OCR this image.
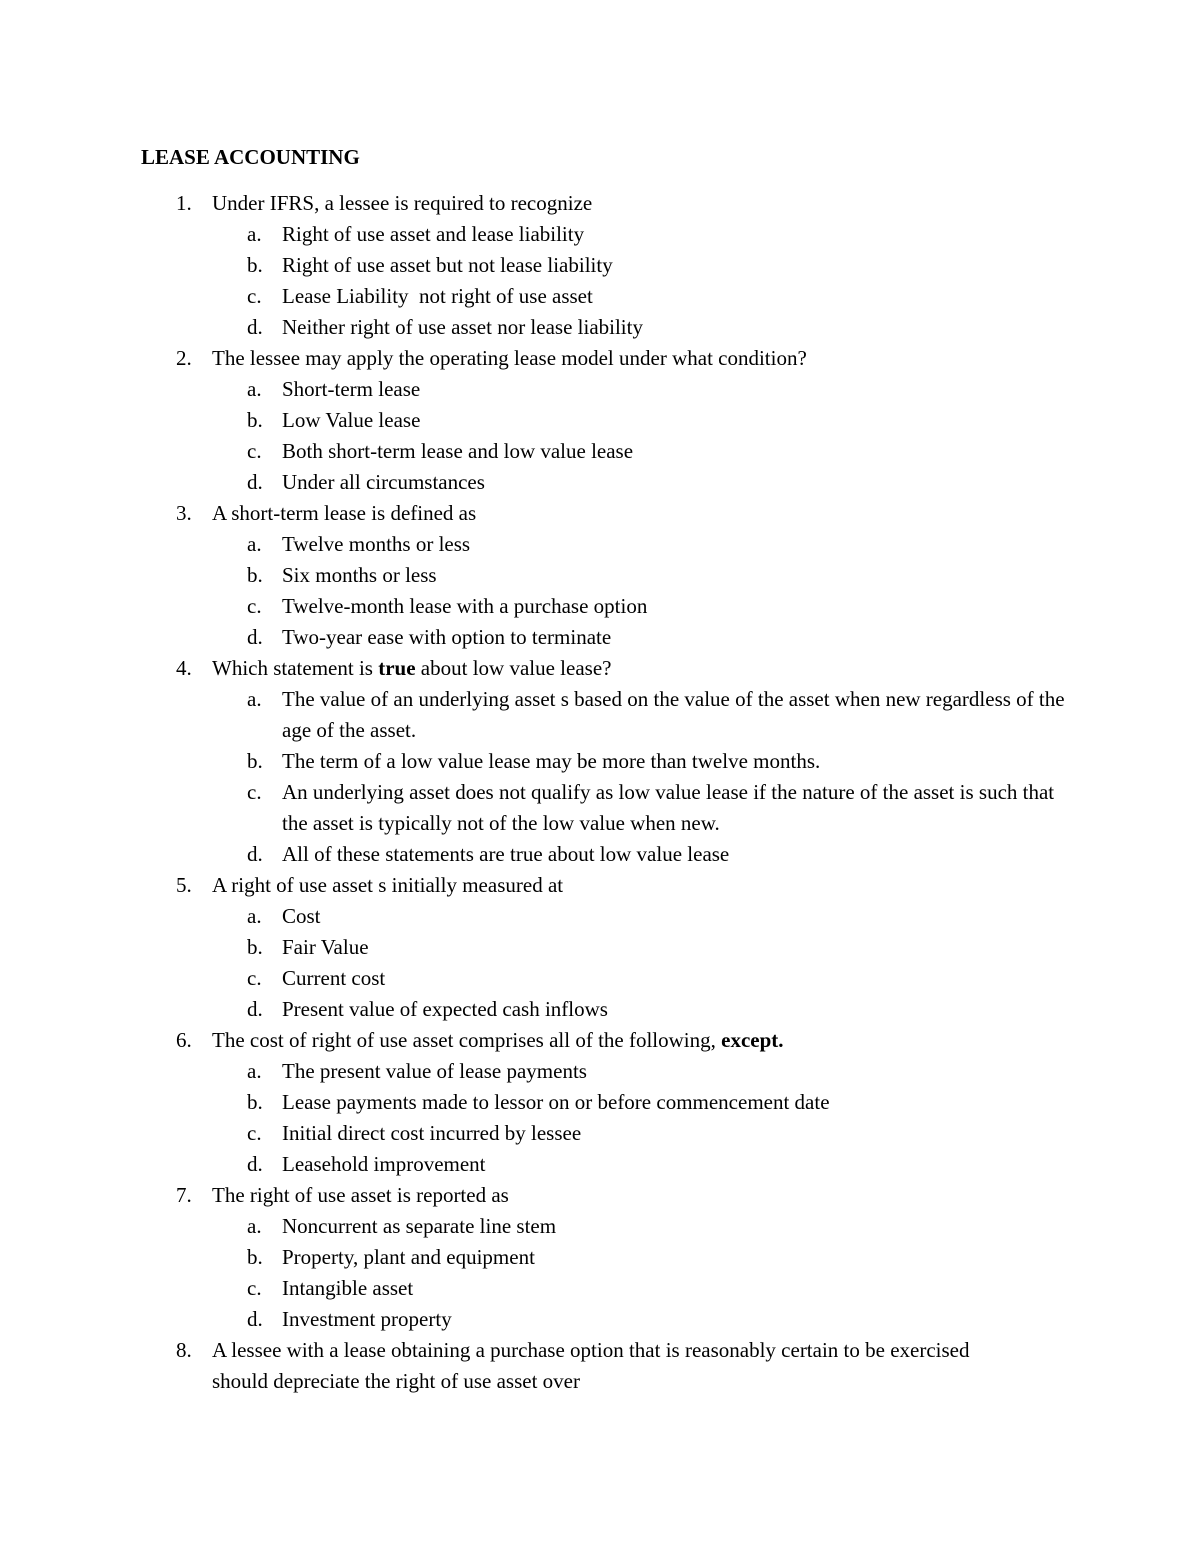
LEASE ACCOUNTING
1. Under IFRS, a lessee is required to recognize
a. Right of use asset and lease liability
b. Right of use asset but not lease liability
c. Lease Liability  not right of use asset
d. Neither right of use asset nor lease liability
2. The lessee may apply the operating lease model under what condition?
a. Short-term lease
b. Low Value lease
c. Both short-term lease and low value lease
d. Under all circumstances
3. A short-term lease is defined as
a. Twelve months or less
b. Six months or less
c. Twelve-month lease with a purchase option
d. Two-year ease with option to terminate
4. Which statement is true about low value lease?
a. The value of an underlying asset s based on the value of the asset when new regardless of the age of the asset.
b. The term of a low value lease may be more than twelve months.
c. An underlying asset does not qualify as low value lease if the nature of the asset is such that the asset is typically not of the low value when new.
d. All of these statements are true about low value lease
5. A right of use asset s initially measured at
a. Cost
b. Fair Value
c. Current cost
d. Present value of expected cash inflows
6. The cost of right of use asset comprises all of the following, except.
a. The present value of lease payments
b. Lease payments made to lessor on or before commencement date
c. Initial direct cost incurred by lessee
d. Leasehold improvement
7. The right of use asset is reported as
a. Noncurrent as separate line stem
b. Property, plant and equipment
c. Intangible asset
d. Investment property
8. A lessee with a lease obtaining a purchase option that is reasonably certain to be exercised should depreciate the right of use asset over
